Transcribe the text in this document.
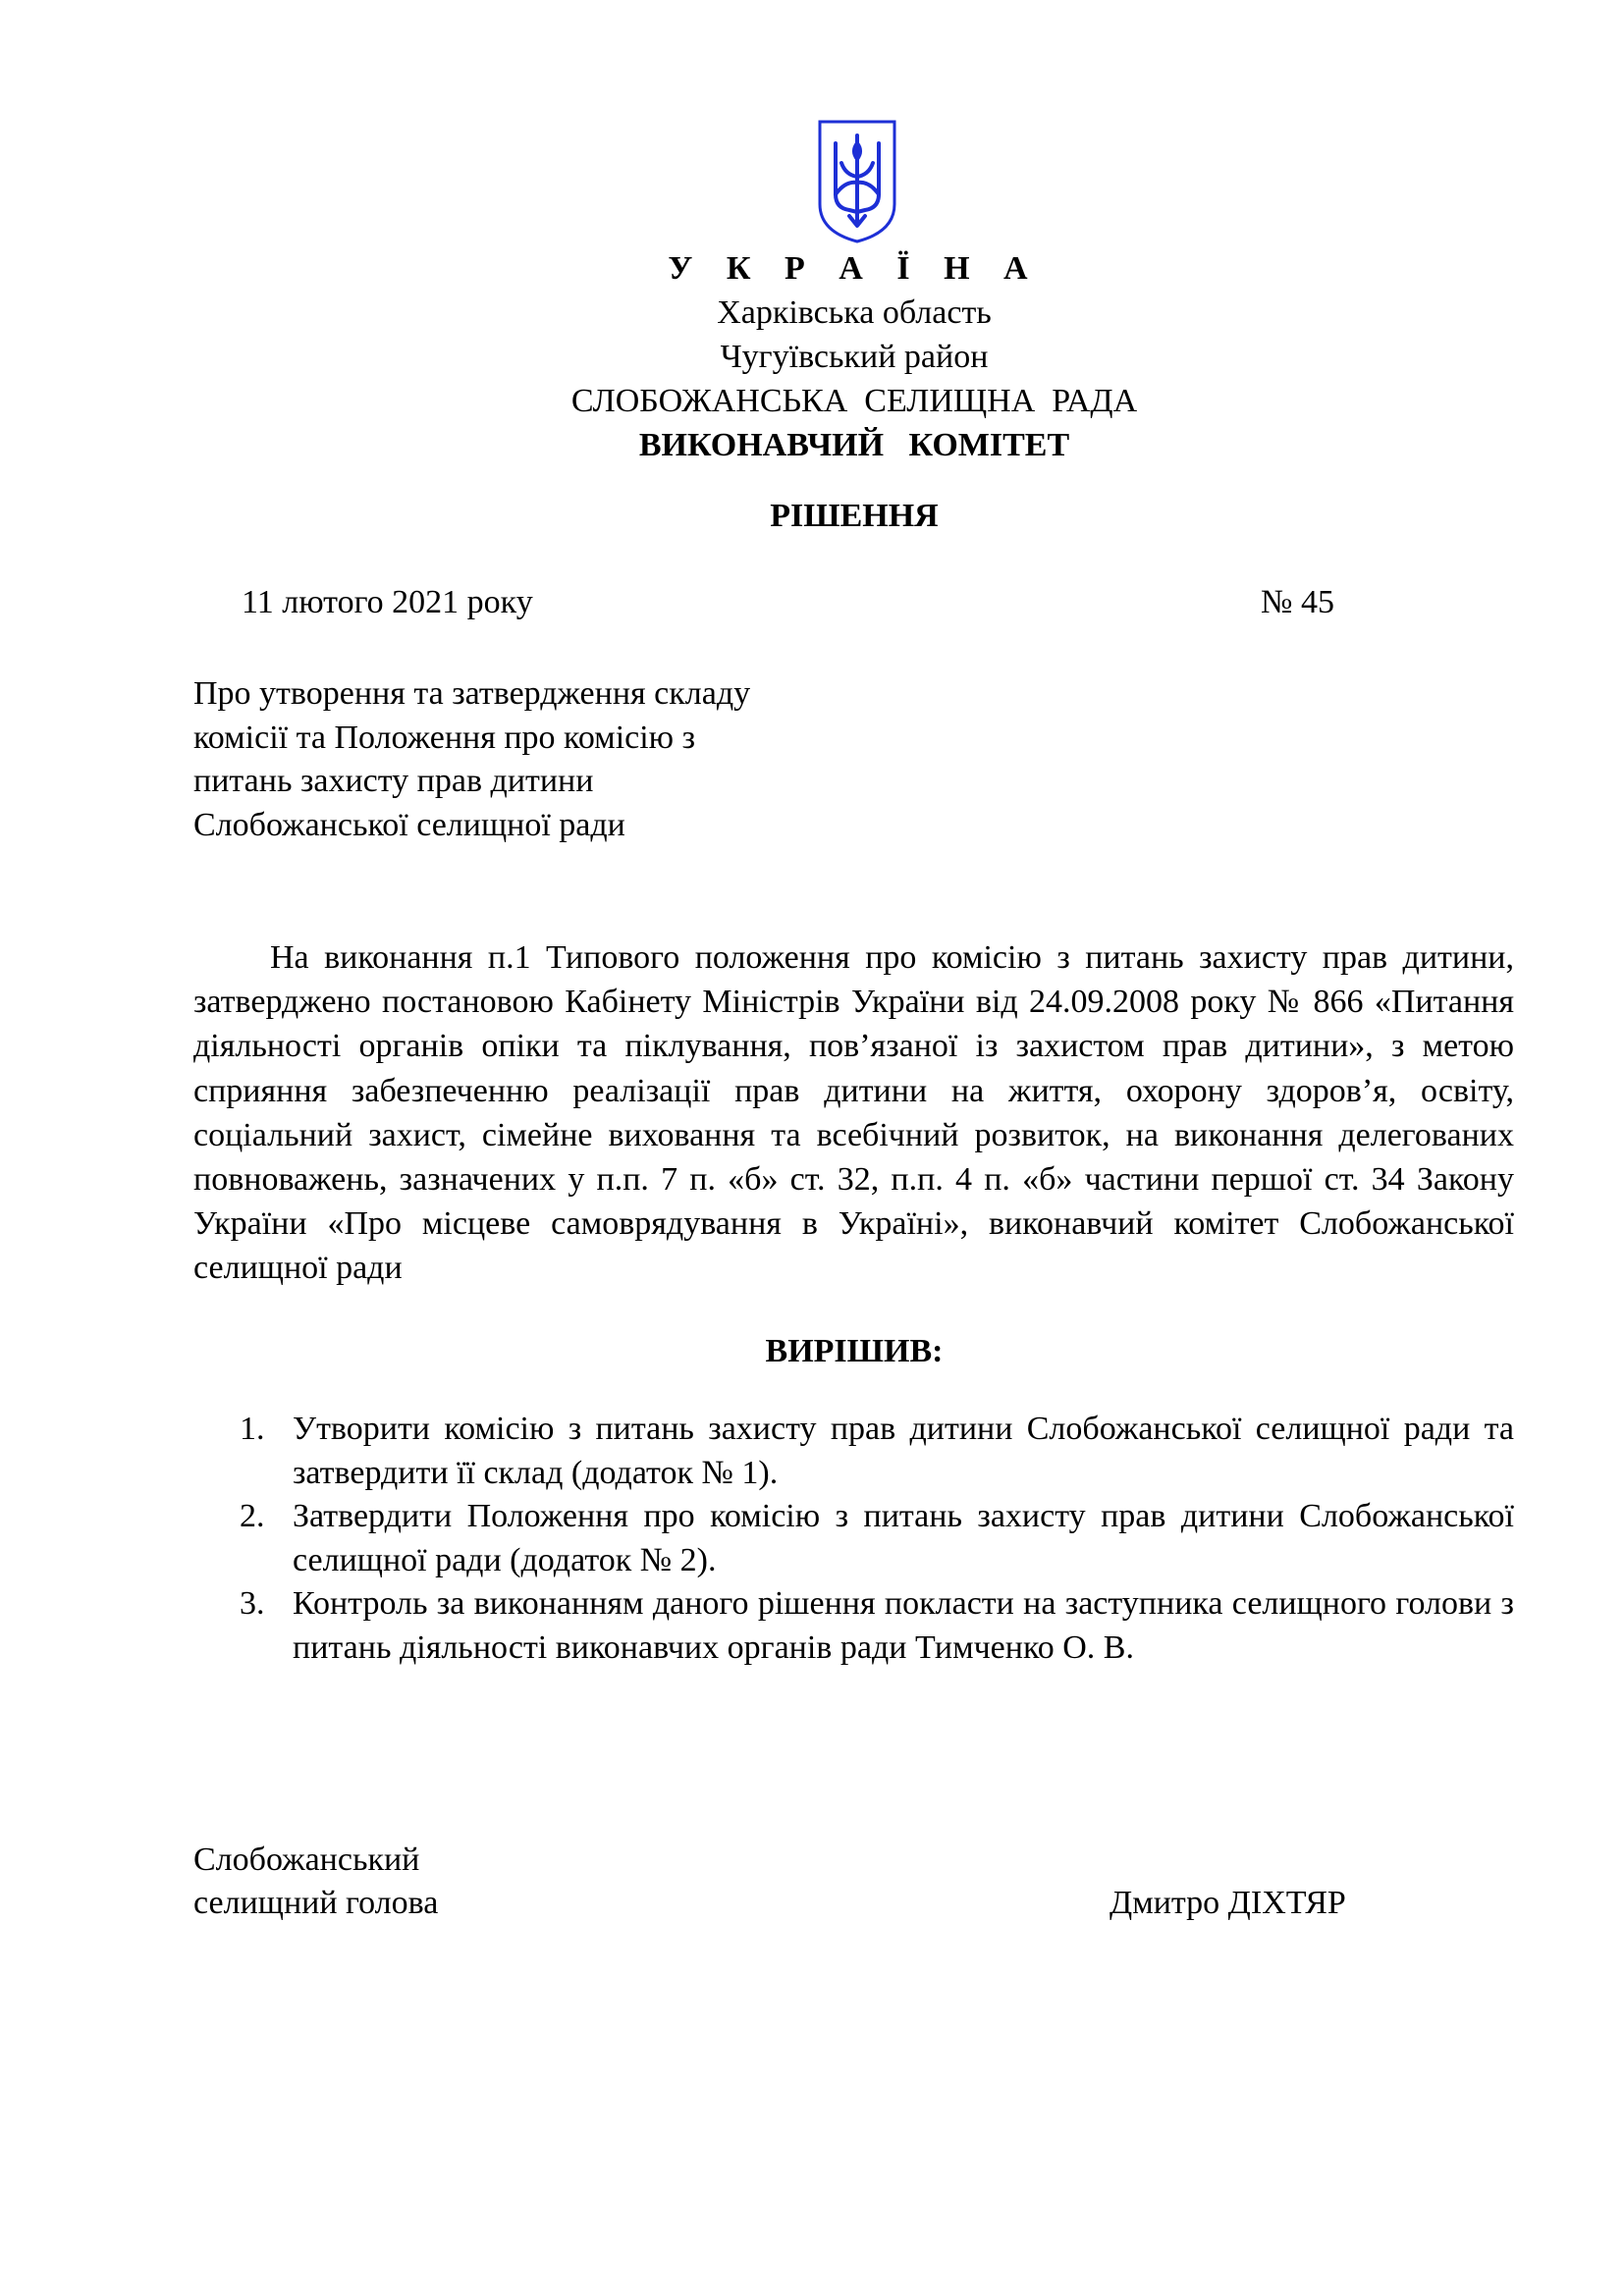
У К Р А Ї Н А
Харківська область
Чугуївський район
СЛОБОЖАНСЬКА  СЕЛИЩНА  РАДА
ВИКОНАВЧИЙ   КОМІТЕТ
РІШЕННЯ
11 лютого 2021 року	№ 45
Про утворення та затвердження складу комісії та Положення про комісію з питань захисту прав дитини Слобожанської селищної ради
На виконання п.1 Типового положення про комісію з питань захисту прав дитини, затверджено постановою Кабінету Міністрів України від 24.09.2008 року № 866 «Питання діяльності органів опіки та піклування, пов’язаної із захистом прав дитини», з метою сприяння забезпеченню реалізації прав дитини на життя, охорону здоров’я, освіту, соціальний захист, сімейне виховання та всебічний розвиток, на виконання делегованих повноважень, зазначених у п.п. 7 п. «б» ст. 32, п.п. 4 п. «б» частини першої ст. 34 Закону України «Про місцеве самоврядування в Україні», виконавчий комітет Слобожанської селищної ради
ВИРІШИВ:
1. Утворити комісію з питань захисту прав дитини Слобожанської селищної ради та затвердити її склад (додаток № 1).
2. Затвердити Положення про комісію з питань захисту прав дитини Слобожанської селищної ради (додаток № 2).
3. Контроль за виконанням даного рішення покласти на заступника селищного голови з питань діяльності виконавчих органів ради Тимченко О. В.
Слобожанський
селищний голова	Дмитро ДІХТЯР
